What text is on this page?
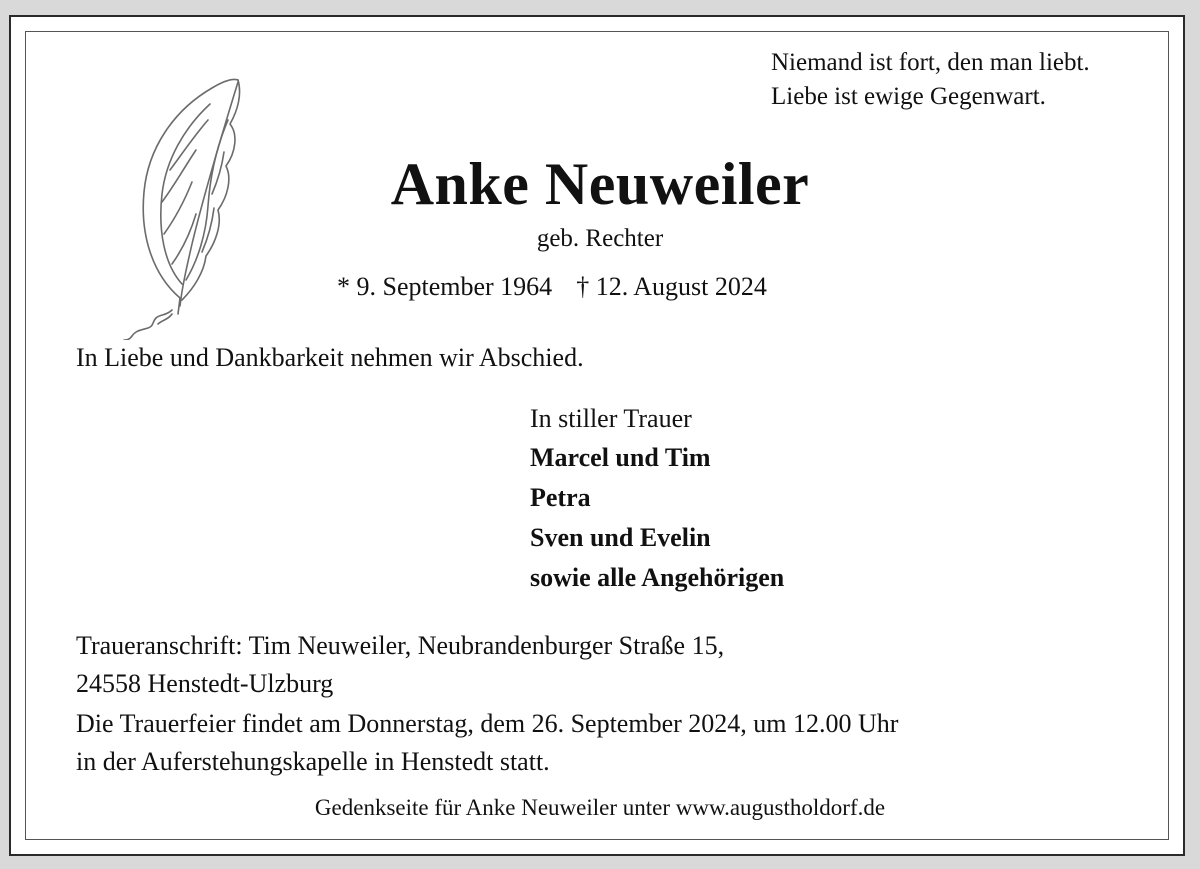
Niemand ist fort, den man liebt.
Liebe ist ewige Gegenwart.
Anke Neuweiler
geb. Rechter
* 9. September 1964 † 12. August 2024
In Liebe und Dankbarkeit nehmen wir Abschied.
In stiller Trauer
Marcel und Tim
Petra
Sven und Evelin
sowie alle Angehörigen
Traueranschrift: Tim Neuweiler, Neubrandenburger Straße 15,
24558 Henstedt-Ulzburg
Die Trauerfeier findet am Donnerstag, dem 26. September 2024, um 12.00 Uhr
in der Auferstehungskapelle in Henstedt statt.
Gedenkseite für Anke Neuweiler unter www.augustholdorf.de
